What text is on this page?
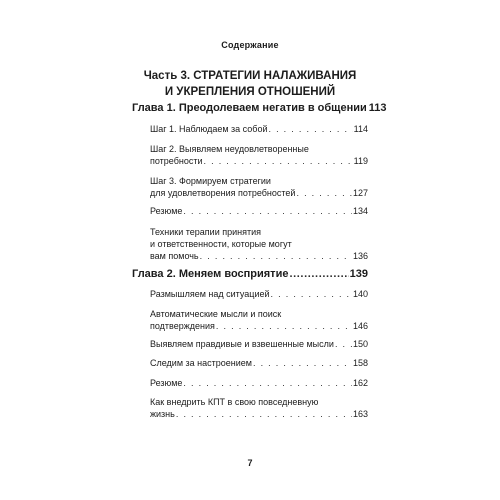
Содержание
Часть 3. СТРАТЕГИИ НАЛАЖИВАНИЯ
И УКРЕПЛЕНИЯ ОТНОШЕНИЙ
Глава 1. Преодолеваем негатив в общении 113
Шаг 1. Наблюдаем за собой . . .	114
Шаг 2. Выявляем неудовлетворенные
потребности . . .	119
Шаг 3. Формируем стратегии
для удовлетворения потребностей . . .	127
Резюме . . .	134
Техники терапии принятия
и ответственности, которые могут
вам помочь . . .	136
Глава 2. Меняем восприятие .....	139
Размышляем над ситуацией . . .	140
Автоматические мысли и поиск
подтверждения . . .	146
Выявляем правдивые и взвешенные мысли . . . 150
Следим за настроением . . .	158
Резюме . . .	162
Как внедрить КПТ в свою повседневную
жизнь . . .	163
7
